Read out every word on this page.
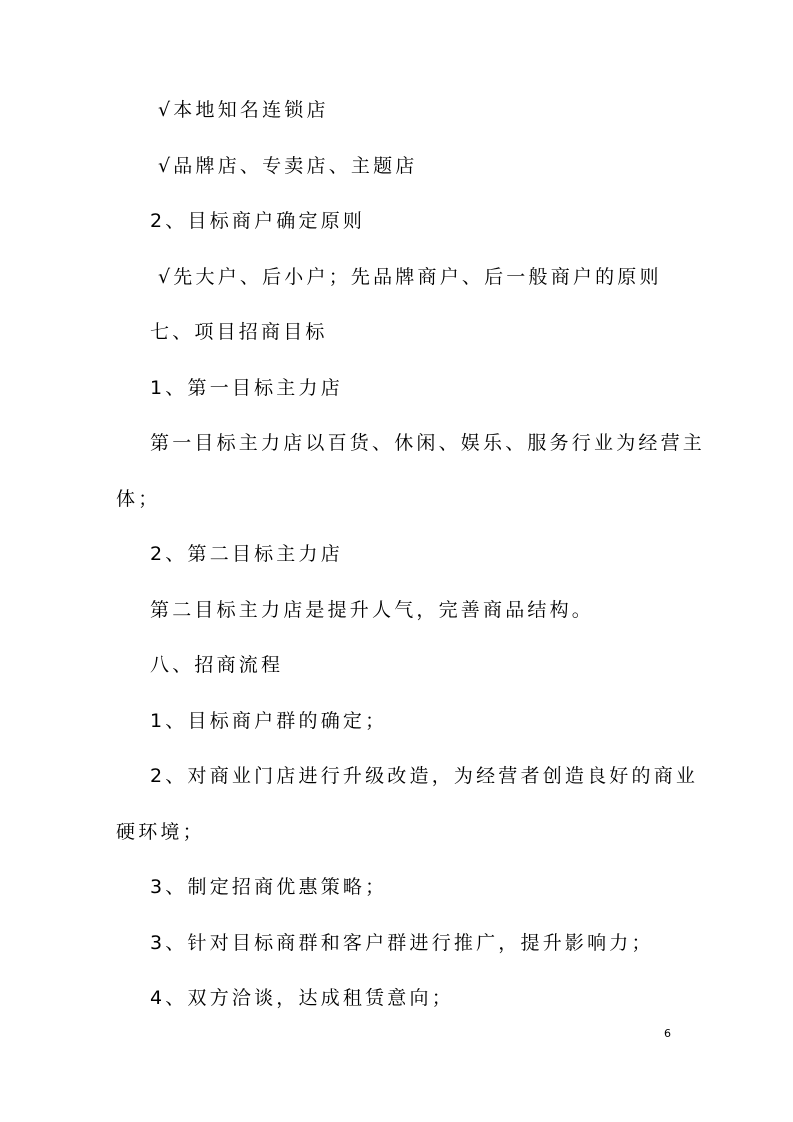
√本地知名连锁店
√品牌店、专卖店、主题店
2、目标商户确定原则
√先大户、后小户；先品牌商户、后一般商户的原则
七、项目招商目标
1、第一目标主力店
第一目标主力店以百货、休闲、娱乐、服务行业为经营主
体；
2、第二目标主力店
第二目标主力店是提升人气，完善商品结构。
八、招商流程
1、目标商户群的确定；
2、对商业门店进行升级改造，为经营者创造良好的商业
硬环境；
3、制定招商优惠策略；
3、针对目标商群和客户群进行推广，提升影响力；
4、双方洽谈，达成租赁意向；
6
